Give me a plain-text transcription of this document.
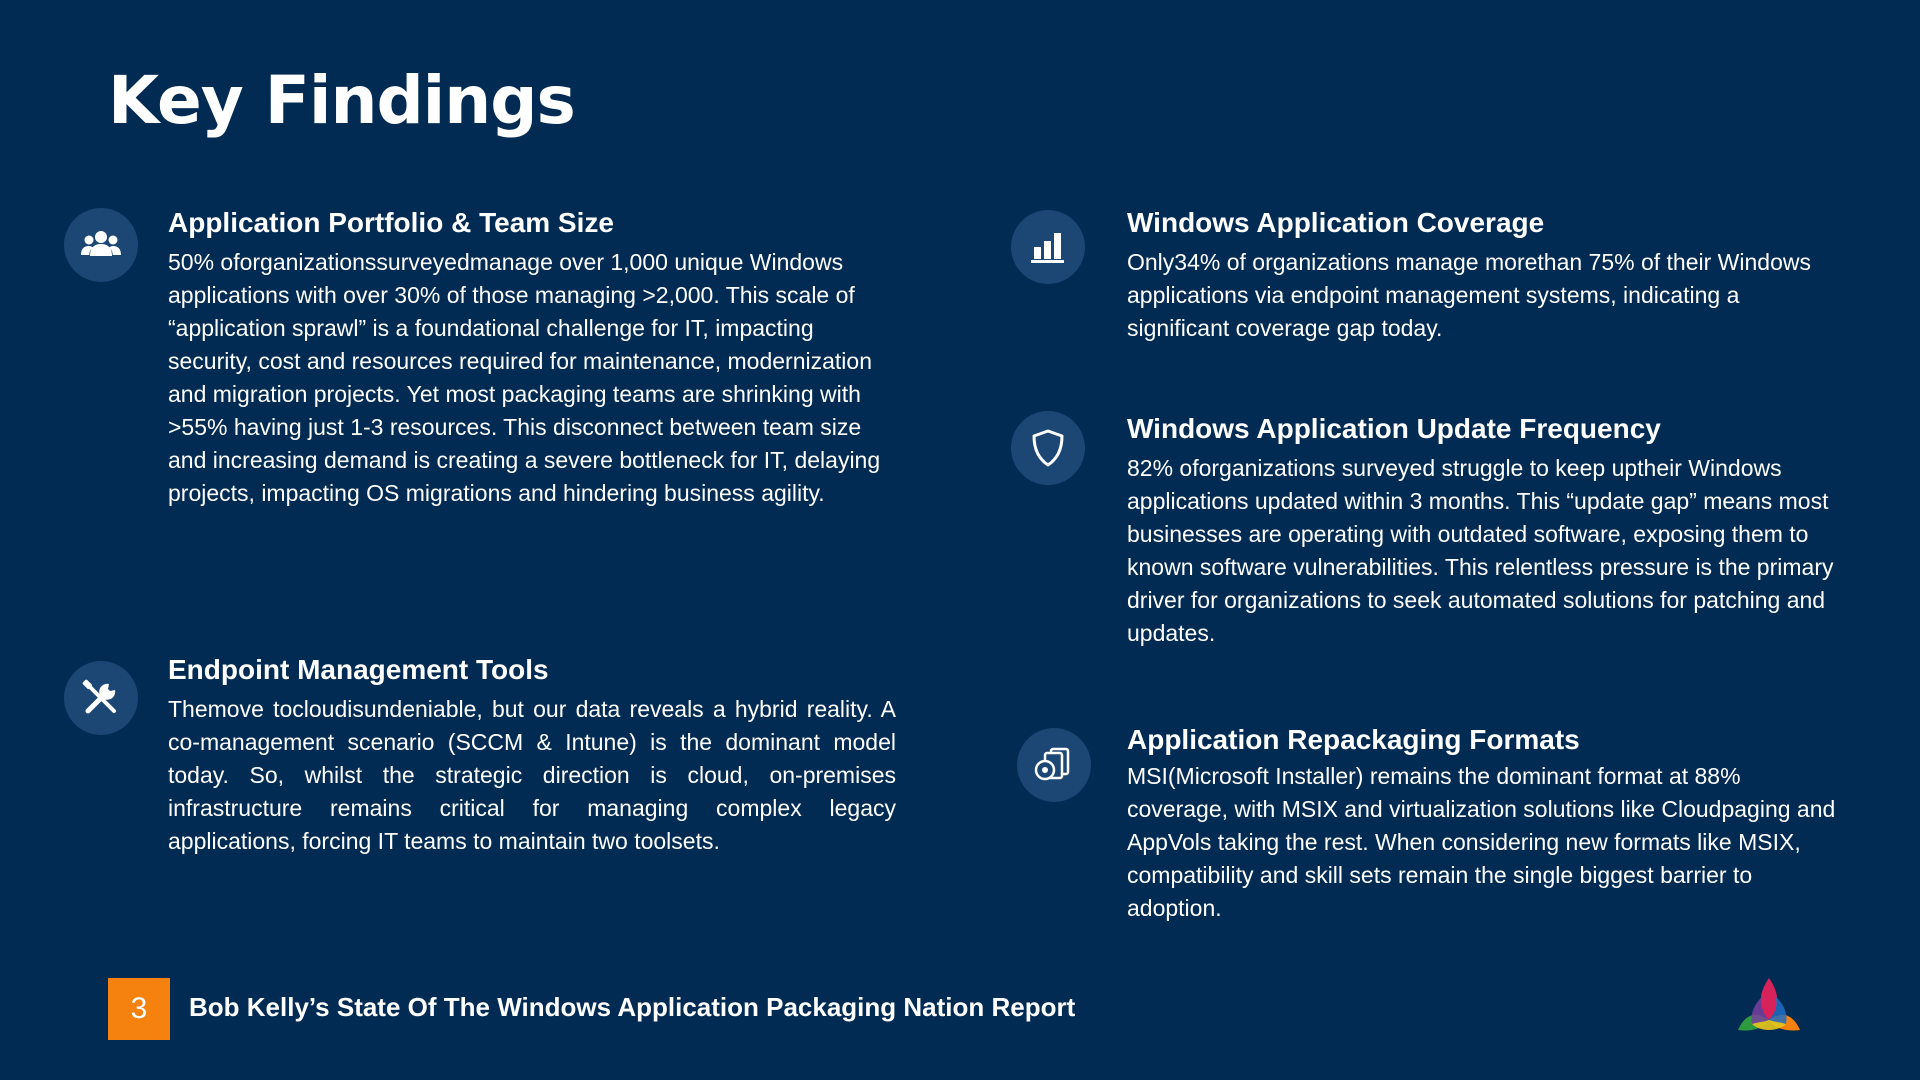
Key Findings
Application Portfolio & Team Size

50% oforganizationssurveyedmanage over 1,000 unique Windows applications with over 30% of those managing >2,000. This scale of “application sprawl” is a foundational challenge for IT, impacting security, cost and resources required for maintenance, modernization and migration projects. Yet most packaging teams are shrinking with >55% having just 1-3 resources. This disconnect between team size and increasing demand is creating a severe bottleneck for IT, delaying projects, impacting OS migrations and hindering business agility.

Endpoint Management Tools

Themove tocloudisundeniable, but our data reveals a hybrid reality. A co-management scenario (SCCM & Intune) is the dominant model today. So, whilst the strategic direction is cloud, on-premises infrastructure remains critical for managing complex legacy applications, forcing IT teams to maintain two toolsets.

Windows Application Coverage

Only34% of organizations manage morethan 75% of their Windows applications via endpoint management systems, indicating a significant coverage gap today.

Windows Application Update Frequency

82% oforganizations surveyed struggle to keep uptheir Windows applications updated within 3 months. This “update gap” means most businesses are operating with outdated software, exposing them to known software vulnerabilities. This relentless pressure is the primary driver for organizations to seek automated solutions for patching and updates.

Application Repackaging Formats

MSI(Microsoft Installer) remains the dominant format at 88% coverage, with MSIX and virtualization solutions like Cloudpaging and AppVols taking the rest. When considering new formats like MSIX, compatibility and skill sets remain the single biggest barrier to adoption.

3	Bob Kelly’s State Of The Windows Application Packaging Nation Report
